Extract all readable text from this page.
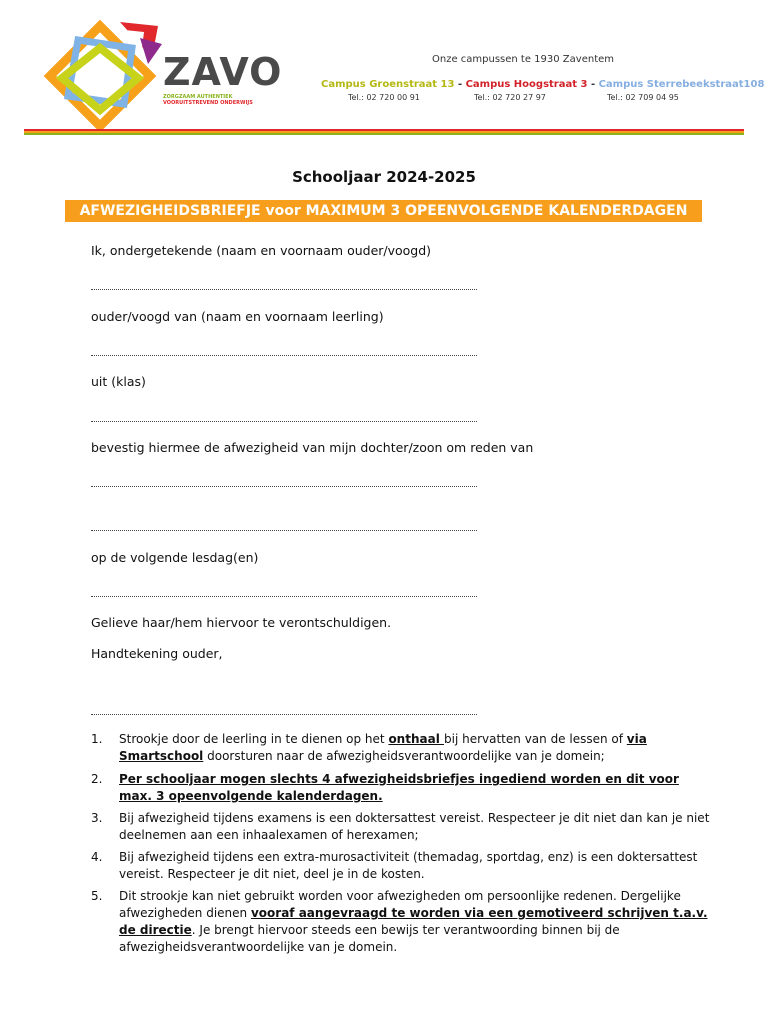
ZAVO
ZORGZAAM AUTHENTIEK
VOORUITSTREVEND ONDERWIJS
Onze campussen te 1930 Zaventem
Campus Groenstraat 13 - Campus Hoogstraat 3 - Campus Sterrebeekstraat108
Tel.: 02 720 00 91	Tel.: 02 720 27 97	Tel.: 02 709 04 95
Schooljaar 2024-2025
AFWEZIGHEIDSBRIEFJE voor MAXIMUM 3 OPEENVOLGENDE KALENDERDAGEN
Ik, ondergetekende (naam en voornaam ouder/voogd)
ouder/voogd van (naam en voornaam leerling)
uit (klas)
bevestig hiermee de afwezigheid van mijn dochter/zoon om reden van
op de volgende lesdag(en)
Gelieve haar/hem hiervoor te verontschuldigen.
Handtekening ouder,
1.	Strookje door de leerling in te dienen op het onthaal bij hervatten van de lessen of via Smartschool doorsturen naar de afwezigheidsverantwoordelijke van je domein;
2.	Per schooljaar mogen slechts 4 afwezigheidsbriefjes ingediend worden en dit voor max. 3 opeenvolgende kalenderdagen.
3.	Bij afwezigheid tijdens examens is een doktersattest vereist. Respecteer je dit niet dan kan je niet deelnemen aan een inhaalexamen of herexamen;
4.	Bij afwezigheid tijdens een extra-murosactiviteit (themadag, sportdag, enz) is een doktersattest vereist. Respecteer je dit niet, deel je in de kosten.
5.	Dit strookje kan niet gebruikt worden voor afwezigheden om persoonlijke redenen. Dergelijke afwezigheden dienen vooraf aangevraagd te worden via een gemotiveerd schrijven t.a.v. de directie. Je brengt hiervoor steeds een bewijs ter verantwoording binnen bij de afwezigheidsverantwoordelijke van je domein.
